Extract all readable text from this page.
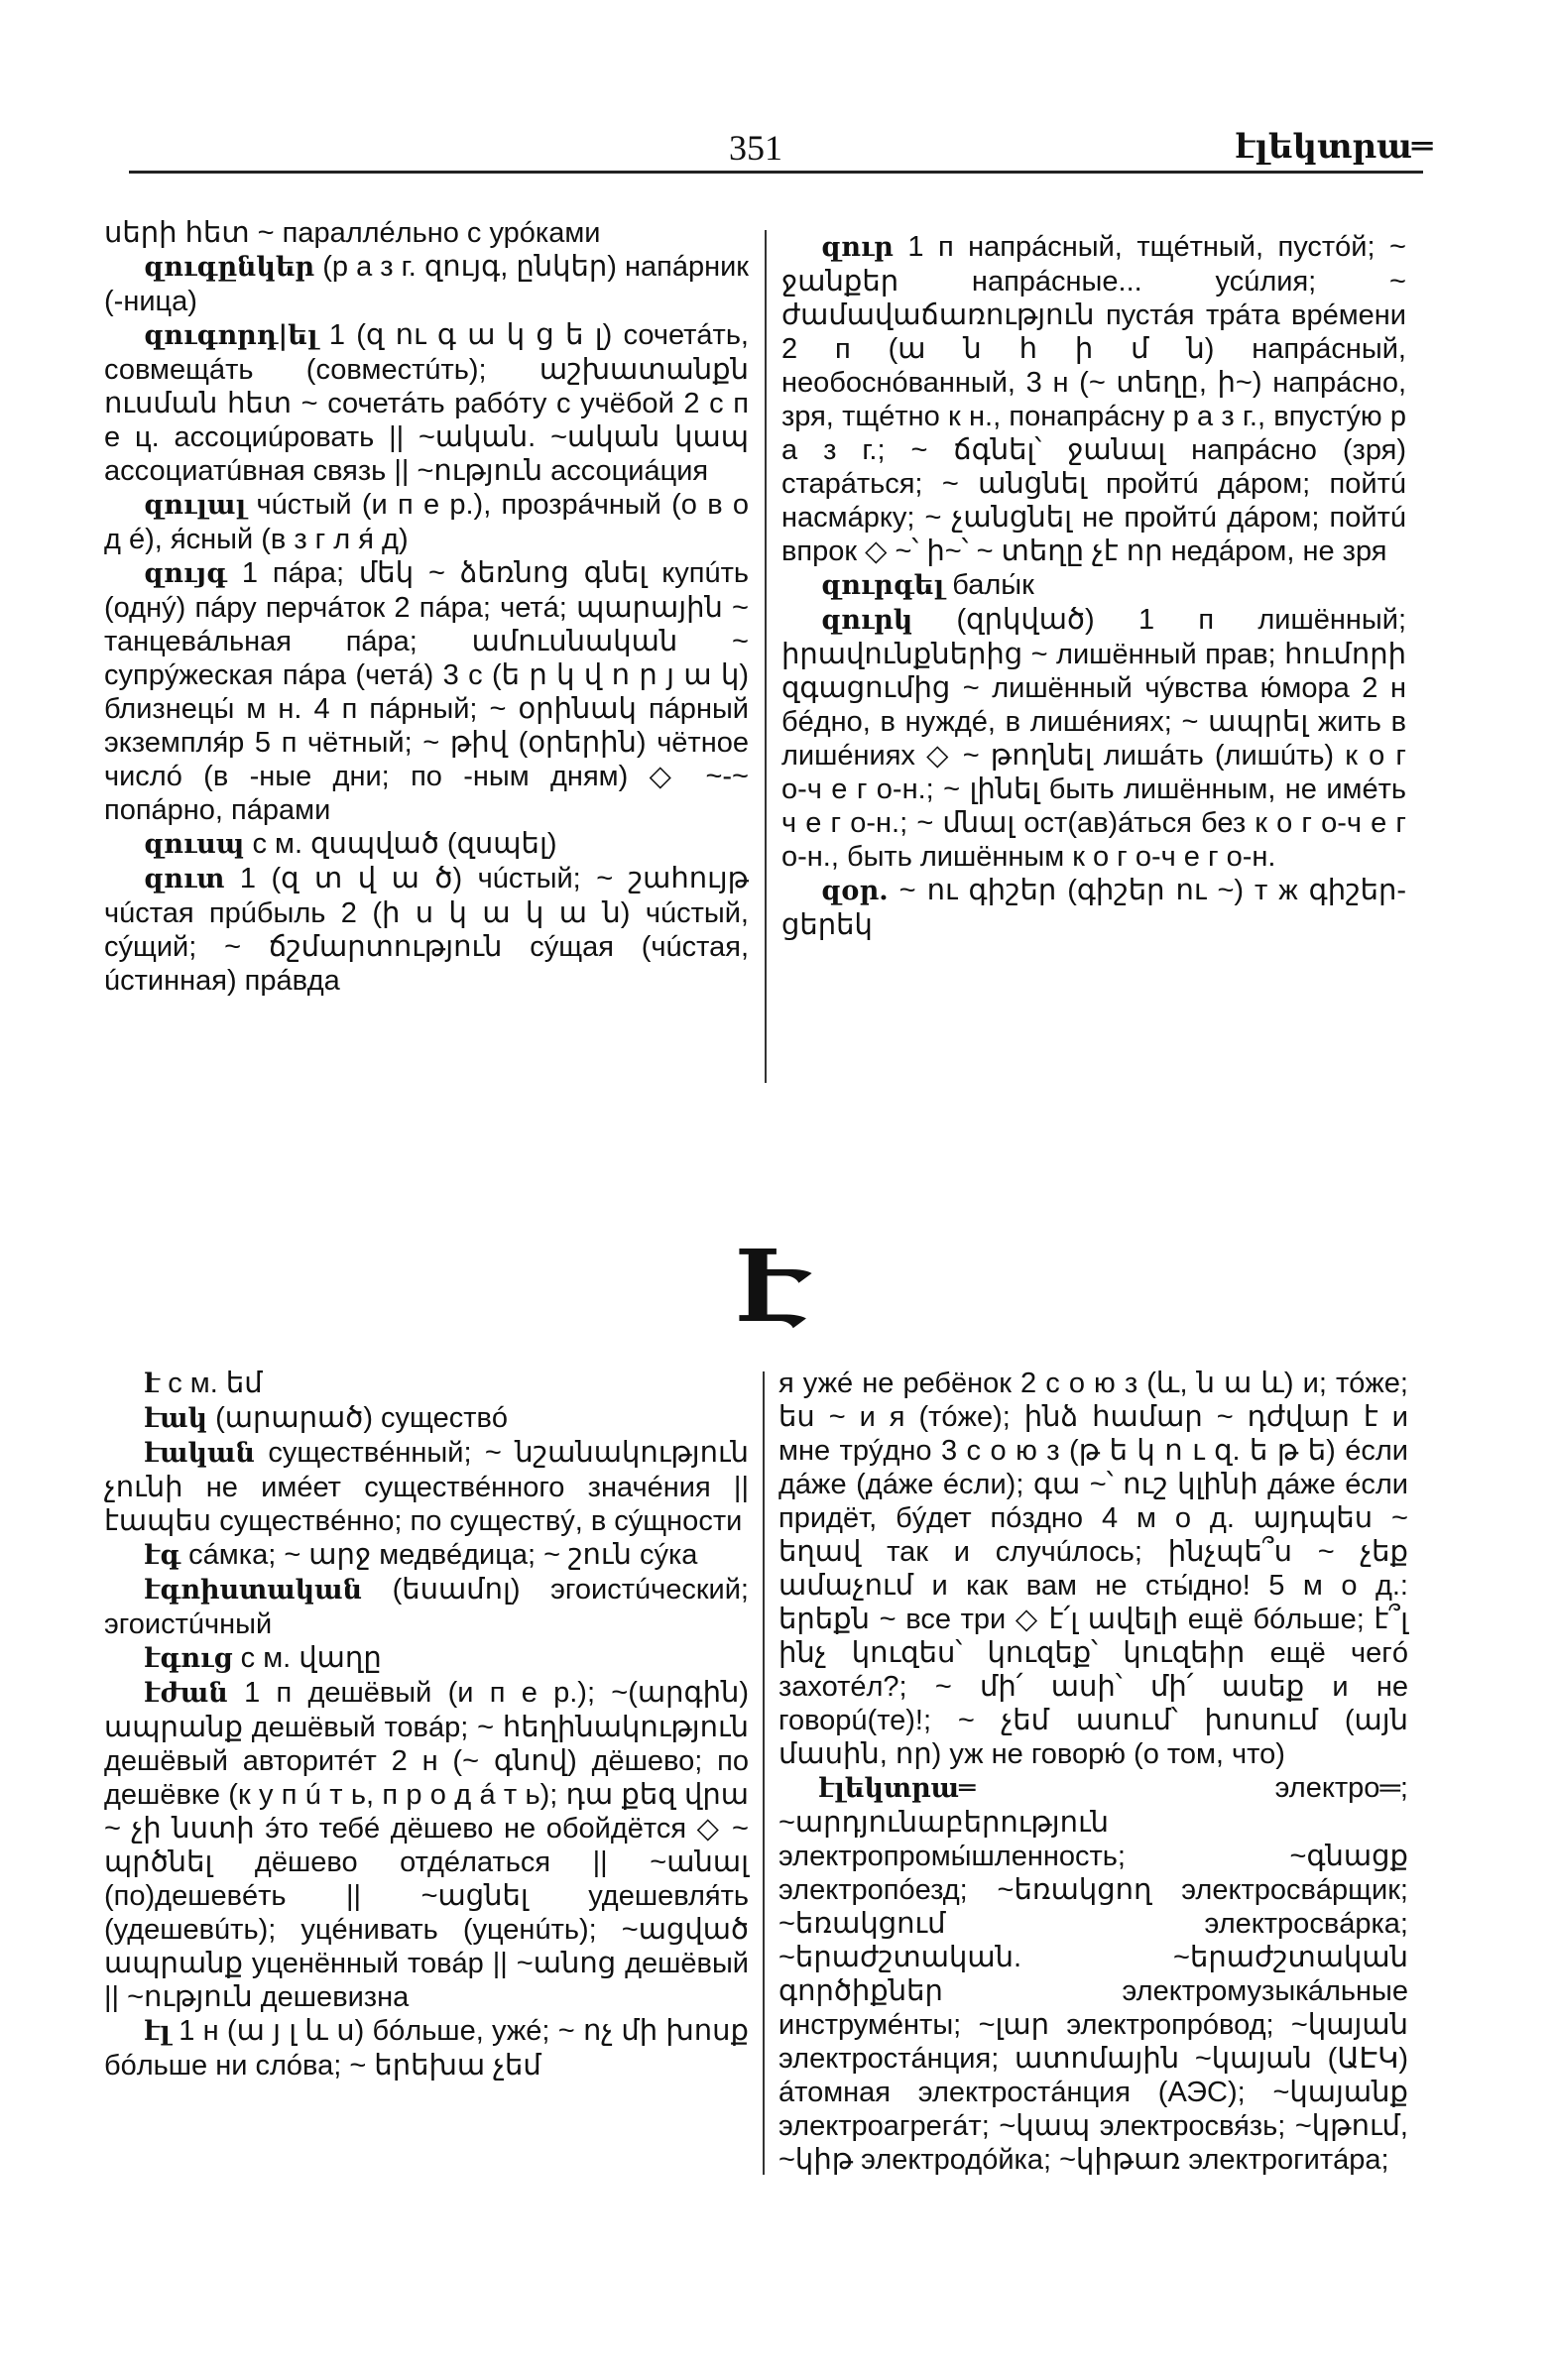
351	էլեկտրա═

սերի հետ ~ параллéльно с урóками

զուգընկեր (р а з г. զույգ, ընկեր) напáрник (-ница)

զուգորդ|ել 1 (զ ու գ ա կ ց ե լ) сочетáть, совмещáть (совместúть); աշխատանքն ուսման հետ ~ сочетáть рабóту с учёбой 2 с п е ц. ассоциúровать || ~ական. ~ական կապ ассоциатúвная связь || ~ություն ассоциáция

զուլալ чúстый (и п е р.), прозрáчный (о в о д é), я́сный (в з г л я́ д)

զույգ 1 пáра; մեկ ~ ձեռնոց գնել купúть (однý) пáру перчáток 2 пáра; четá; պարային ~ танцевáльная пáра; ամուսնական ~ супрýжеская пáра (четá) 3 с (ե ր կ վ ո ր յ ա կ) близнецы́ м н. 4 п пáрный; ~ օրինակ пáрный экземпля́р 5 п чётный; ~ թիվ (օրերին) чётное числó (в -ные дни; по -ным дням) ◇ ~-~ попáрно, пáрами

զուսպ с м. զսպված (զսպել)

զուտ 1 (զ տ վ ա ծ) чúстый; ~ շահույթ чúстая прúбыль 2 (ի ս կ ա կ ա ն) чúстый, сýщий; ~ ճշմարտություն сýщая (чúстая, úстинная) прáвда

զուր 1 п напрáсный, тщéтный, пустóй; ~ ջանքեր напрáсные... усúлия; ~ ժամավաճառություն пустáя трáта врéмени 2 п (ա ն հ ի մ ն) напрáсный, необоснóванный, 3 н (~ տեղը, ի~) напрáсно, зря, тщéтно к н., понапрáсну р а з г., впустýю р а з г.; ~ ճգնել՝ ջանալ напрáсно (зря) старáться; ~ անցնել пройтú дáром; пойтú насмáрку; ~ չանցնել не пройтú дáром; пойтú впрок ◇ ~՝ ի~՝ ~ տեղը չէ որ недáром, не зря

զուրգել балы́к

զուրկ (զրկված) 1 п лишённый; իրավունքներից ~ лишённый прав; հումորի զգացումից ~ лишённый чýвства ю́мора 2 н бéдно, в нуждé, в лишéниях; ~ ապրել жить в лишéниях ◇ ~ թողնել лишáть (лишúть) к о г о-ч е г о-н.; ~ լինել быть лишённым, не имéть ч е г о-н.; ~ մնալ ост(ав)áться без к о г о-ч е г о-н., быть лишённым к о г о-ч е г о-н.

զօր. ~ ու գիշեր (գիշեր ու ~) т ж գիշեր-ցերեկ

Է

է с м. եմ

էակ (արարած) существó

էական существéнный; ~ նշանակություն չունի не имéет существéнного значéния || էապես существéнно; по существý, в сýщности

էգ сáмка; ~ արջ медвéдица; ~ շուն сýка

էգոիստական (եսամոլ) эгоистúческий; эгоистúчный

էգուց с м. վաղը

էժան 1 п дешёвый (и п е р.); ~(արգին) ապրանք дешёвый товáр; ~ հեղինակություն дешёвый авторитéт 2 н (~ գնով) дёшево; по дешёвке (к у п ú т ь, п р о д á т ь); դա քեզ վրա ~ չի նստի э́то тебé дёшево не обойдётся ◇ ~ պրծնել дёшево отдéлаться || ~անալ (по)дешевéть || ~ացնել удешевля́ть (удешевúть); уцéнивать (уценúть); ~ացված ապրանք уценённый товáр || ~անոց дешёвый || ~ություն дешевизна

էլ 1 н (ա յ լ և ս) бóльше, ужé; ~ ոչ մի խոսք бóльше ни слóва; ~ երեխա չեմ

я ужé не ребёнок 2 с о ю з (և, ն ա և) и; тóже; ես ~ и я (тóже); ինձ համար ~ դժվար է и мне трýдно 3 с о ю з (թ ե կ ո ւ զ. ե թ ե) éсли дáже (дáже éсли); գա ~՝ ուշ կլինի дáже éсли придёт, бýдет пóздно 4 м о д. այդպես ~ եղավ так и случúлось; ինչպե՞ս ~ չեք ամաչում и как вам не сты́дно! 5 м о д.: երեքն ~ все три ◇ է՛լ ավելի ещё бóльше; է՞լ ինչ կուզես՝ կուզեք՝ կուզեիր ещё чегó захотéл?; ~ մի՛ ասի՝ մի՛ ասեք и не говорú(те)!; ~ չեմ ասում՝ խոսում (այն մասին, որ) уж не говорю́ (о том, что)

էլեկտրա═ электро═; ~արդյունաբերություն электропромы́шленность; ~գնացք электропóезд; ~եռակցող электросвáрщик; ~եռակցում электросвáрка; ~երաժշտական. ~երաժշտական գործիքներ электромузыкáльные инструмéнты; ~լար электропрóвод; ~կայան электростáнция; ատոմային ~կայան (ԱԷԿ) áтомная электростáнция (АЭС); ~կայանք электроагрегáт; ~կապ электросвя́зь; ~կթում, ~կիթ электродóйка; ~կիթառ электрогитáра;
